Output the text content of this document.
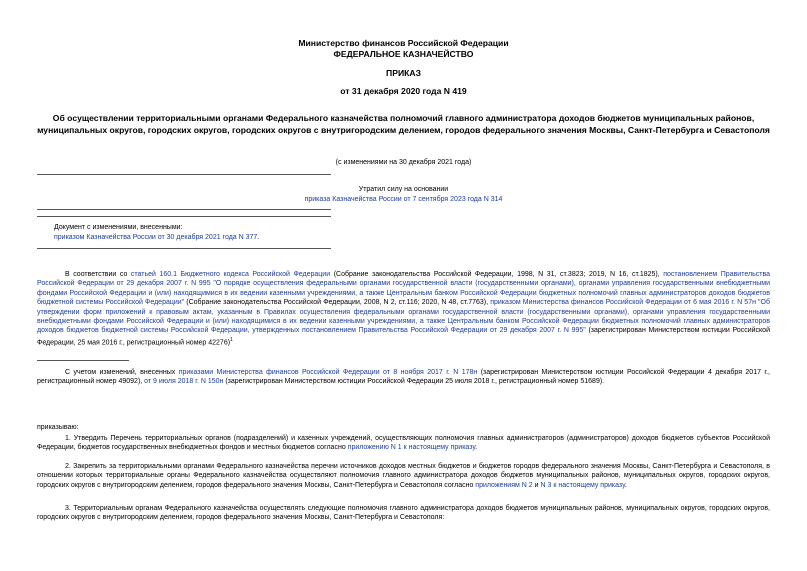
Министерство финансов Российской Федерации
ФЕДЕРАЛЬНОЕ КАЗНАЧЕЙСТВО
ПРИКАЗ
от 31 декабря 2020 года N 419
Об осуществлении территориальными органами Федерального казначейства полномочий главного администратора доходов бюджетов муниципальных районов, муниципальных округов, городских округов, городских округов с внутригородским делением, городов федерального значения Москвы, Санкт-Петербурга и Севастополя
(с изменениями на 30 декабря 2021 года)
Утратил силу на основании
приказа Казначейства России от 7 сентября 2023 года N 314
Документ с изменениями, внесенными:
приказом Казначейства России от 30 декабря 2021 года N 377.
В соответствии со статьей 160.1 Бюджетного кодекса Российской Федерации (Собрание законодательства Российской Федерации, 1998, N 31, ст.3823; 2019, N 16, ст.1825), постановлением Правительства Российской Федерации от 29 декабря 2007 г. N 995 "О порядке осуществления федеральными органами государственной власти (государственными органами), органами управления государственными внебюджетными фондами Российской Федерации и (или) находящимися в их ведении казенными учреждениями, а также Центральным банком Российской Федерации бюджетных полномочий главных администраторов доходов бюджетов бюджетной системы Российской Федерации" (Собрание законодательства Российской Федерации, 2008, N 2, ст.116; 2020, N 48, ст.7763), приказом Министерства финансов Российской Федерации от 6 мая 2016 г. N 57н "Об утверждении форм приложений к правовым актам, указанным в Правилах осуществления федеральными органами государственной власти (государственными органами), органами управления государственными внебюджетными фондами Российской Федерации и (или) находящимися в их ведении казенными учреждениями, а также Центральным банком Российской Федерации бюджетных полномочий главных администраторов доходов бюджетов бюджетной системы Российской Федерации, утвержденных постановлением Правительства Российской Федерации от 29 декабря 2007 г. N 995" (зарегистрирован Министерством юстиции Российской Федерации, 25 мая 2016 г., регистрационный номер 42276)$^1$
С учетом изменений, внесенных приказами Министерства финансов Российской Федерации от 8 ноября 2017 г. N 178н (зарегистрирован Министерством юстиции Российской Федерации 4 декабря 2017 г., регистрационный номер 49092), от 9 июля 2018 г. N 150н (зарегистрирован Министерством юстиции Российской Федерации 25 июля 2018 г., регистрационный номер 51689).
приказываю:
1. Утвердить Перечень территориальных органов (подразделений) и казенных учреждений, осуществляющих полномочия главных администраторов (администраторов) доходов бюджетов субъектов Российской Федерации, бюджетов государственных внебюджетных фондов и местных бюджетов согласно приложению N 1 к настоящему приказу.
2. Закрепить за территориальными органами Федерального казначейства перечни источников доходов местных бюджетов и бюджетов городов федерального значения Москвы, Санкт-Петербурга и Севастополя, в отношении которых территориальные органы Федерального казначейства осуществляют полномочия главного администратора доходов бюджетов муниципальных районов, муниципальных округов, городских округов, городских округов с внутригородским делением, городов федерального значения Москвы, Санкт-Петербурга и Севастополя согласно приложениям N 2 и N 3 к настоящему приказу.
3. Территориальным органам Федерального казначейства осуществлять следующие полномочия главного администратора доходов бюджетов муниципальных районов, муниципальных округов, городских округов, городских округов с внутригородским делением, городов федерального значения Москвы, Санкт-Петербурга и Севастополя:
